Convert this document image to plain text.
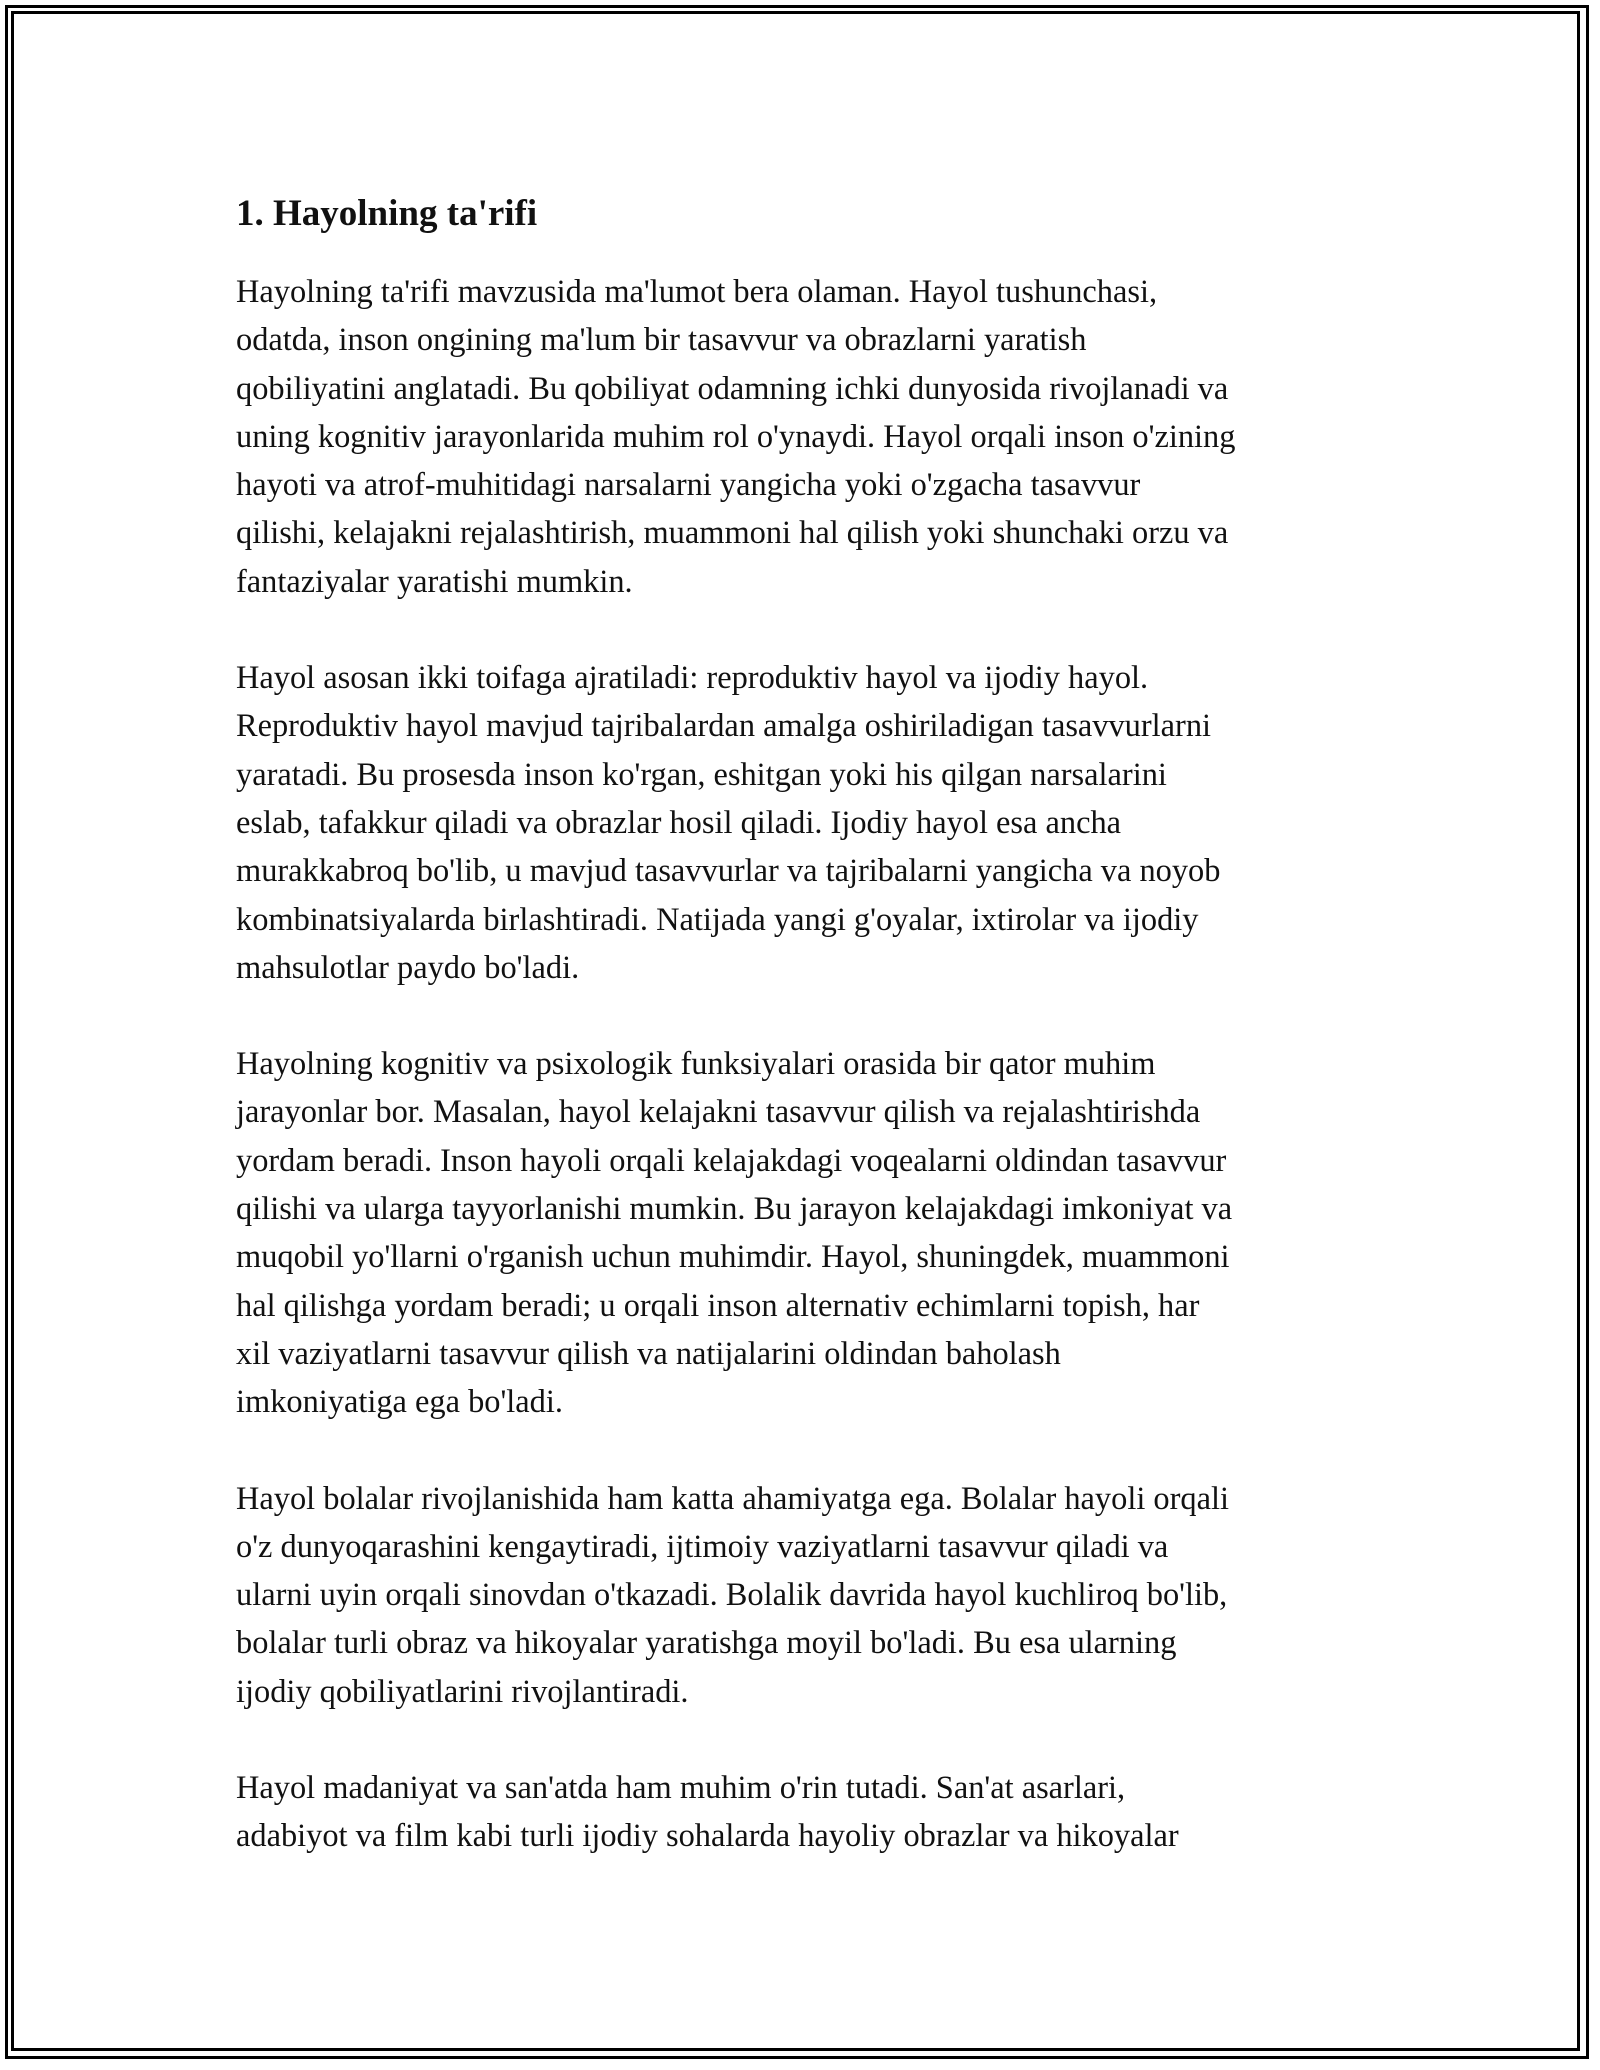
1. Hayolning ta'rifi

Hayolning ta'rifi mavzusida ma'lumot bera olaman. Hayol tushunchasi,
odatda, inson ongining ma'lum bir tasavvur va obrazlarni yaratish
qobiliyatini anglatadi. Bu qobiliyat odamning ichki dunyosida rivojlanadi va
uning kognitiv jarayonlarida muhim rol o'ynaydi. Hayol orqali inson o'zining
hayoti va atrof-muhitidagi narsalarni yangicha yoki o'zgacha tasavvur
qilishi, kelajakni rejalashtirish, muammoni hal qilish yoki shunchaki orzu va
fantaziyalar yaratishi mumkin.

Hayol asosan ikki toifaga ajratiladi: reproduktiv hayol va ijodiy hayol.
Reproduktiv hayol mavjud tajribalardan amalga oshiriladigan tasavvurlarni
yaratadi. Bu prosesda inson ko'rgan, eshitgan yoki his qilgan narsalarini
eslab, tafakkur qiladi va obrazlar hosil qiladi. Ijodiy hayol esa ancha
murakkabroq bo'lib, u mavjud tasavvurlar va tajribalarni yangicha va noyob
kombinatsiyalarda birlashtiradi. Natijada yangi g'oyalar, ixtirolar va ijodiy
mahsulotlar paydo bo'ladi.

Hayolning kognitiv va psixologik funksiyalari orasida bir qator muhim
jarayonlar bor. Masalan, hayol kelajakni tasavvur qilish va rejalashtirishda
yordam beradi. Inson hayoli orqali kelajakdagi voqealarni oldindan tasavvur
qilishi va ularga tayyorlanishi mumkin. Bu jarayon kelajakdagi imkoniyat va
muqobil yo'llarni o'rganish uchun muhimdir. Hayol, shuningdek, muammoni
hal qilishga yordam beradi; u orqali inson alternativ echimlarni topish, har
xil vaziyatlarni tasavvur qilish va natijalarini oldindan baholash
imkoniyatiga ega bo'ladi.

Hayol bolalar rivojlanishida ham katta ahamiyatga ega. Bolalar hayoli orqali
o'z dunyoqarashini kengaytiradi, ijtimoiy vaziyatlarni tasavvur qiladi va
ularni uyin orqali sinovdan o'tkazadi. Bolalik davrida hayol kuchliroq bo'lib,
bolalar turli obraz va hikoyalar yaratishga moyil bo'ladi. Bu esa ularning
ijodiy qobiliyatlarini rivojlantiradi.

Hayol madaniyat va san'atda ham muhim o'rin tutadi. San'at asarlari,
adabiyot va film kabi turli ijodiy sohalarda hayoliy obrazlar va hikoyalar
